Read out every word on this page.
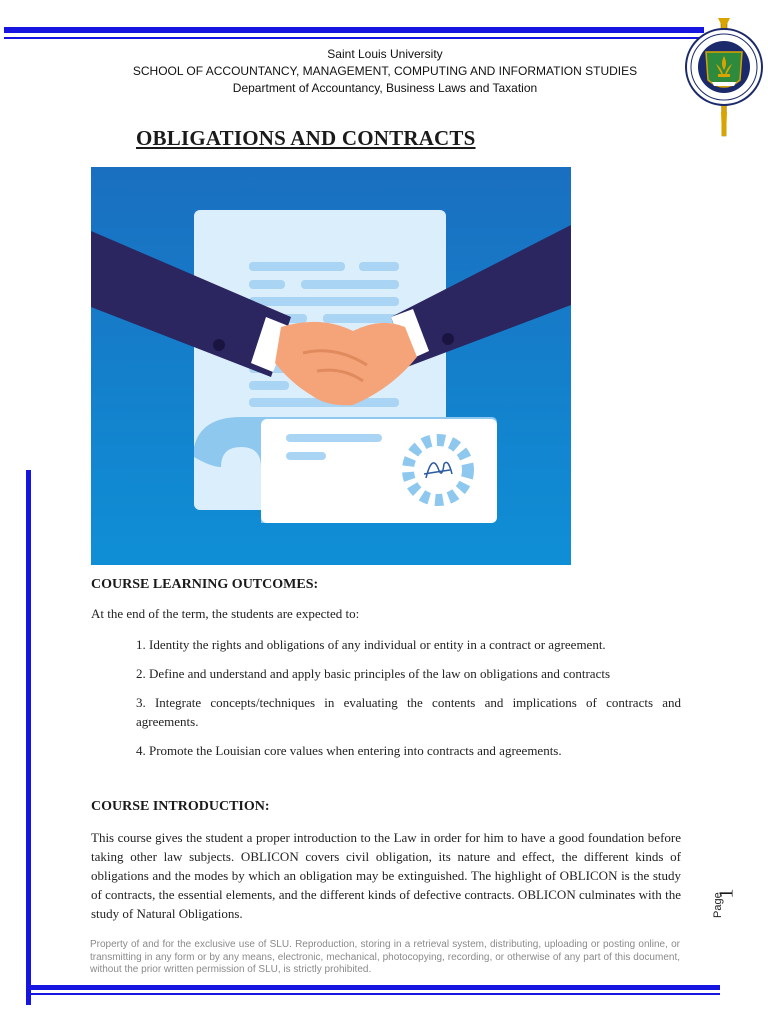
Saint Louis University
SCHOOL OF ACCOUNTANCY, MANAGEMENT, COMPUTING AND INFORMATION STUDIES
Department of Accountancy, Business Laws and Taxation
OBLIGATIONS AND CONTRACTS
COURSE LEARNING OUTCOMES:
At the end of the term, the students are expected to:
1. Identity the rights and obligations of any individual or entity in a contract or agreement.
2. Define and understand and apply basic principles of the law on obligations and contracts
3. Integrate concepts/techniques in evaluating the contents and implications of contracts and agreements.
4. Promote the Louisian core values when entering into contracts and agreements.
COURSE INTRODUCTION:
This course gives the student a proper introduction to the Law in order for him to have a good foundation before taking other law subjects. OBLICON covers civil obligation, its nature and effect, the different kinds of obligations and the modes by which an obligation may be extinguished. The highlight of OBLICON is the study of contracts, the essential elements, and the different kinds of defective contracts. OBLICON culminates with the study of Natural Obligations.	Page
1
Property of and for the exclusive use of SLU. Reproduction, storing in a retrieval system, distributing, uploading or posting online, or transmitting in any form or by any means, electronic, mechanical, photocopying, recording, or otherwise of any part of this document, without the prior written permission of SLU, is strictly prohibited.
